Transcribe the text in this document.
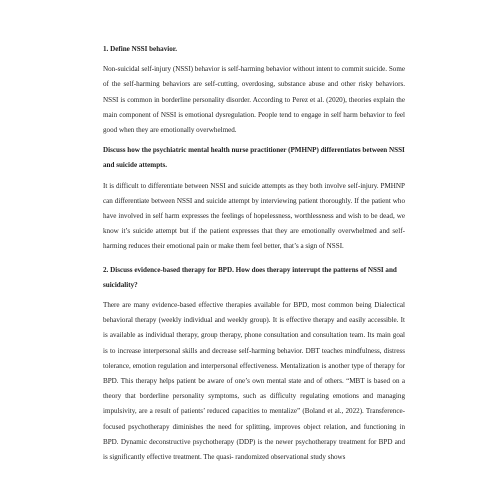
1. Define NSSI behavior.

Non-suicidal self-injury (NSSI) behavior is self-harming behavior without intent to commit suicide. Some of the self-harming behaviors are self-cutting, overdosing, substance abuse and other risky behaviors. NSSI is common in borderline personality disorder. According to Perez et al. (2020), theories explain the main component of NSSI is emotional dysregulation. People tend to engage in self harm behavior to feel good when they are emotionally overwhelmed.

Discuss how the psychiatric mental health nurse practitioner (PMHNP) differentiates between NSSI and suicide attempts.

It is difficult to differentiate between NSSI and suicide attempts as they both involve self-injury. PMHNP can differentiate between NSSI and suicide attempt by interviewing patient thoroughly. If the patient who have involved in self harm expresses the feelings of hopelessness, worthlessness and wish to be dead, we know it’s suicide attempt but if the patient expresses that they are emotionally overwhelmed and self-harming reduces their emotional pain or make them feel better, that’s a sign of NSSI.

2. Discuss evidence-based therapy for BPD. How does therapy interrupt the patterns of NSSI and suicidality?

There are many evidence-based effective therapies available for BPD, most common being Dialectical behavioral therapy (weekly individual and weekly group). It is effective therapy and easily accessible. It is available as individual therapy, group therapy, phone consultation and consultation team. Its main goal is to increase interpersonal skills and decrease self-harming behavior. DBT teaches mindfulness, distress tolerance, emotion regulation and interpersonal effectiveness. Mentalization is another type of therapy for BPD. This therapy helps patient be aware of one’s own mental state and of others. “MBT is based on a theory that borderline personality symptoms, such as difficulty regulating emotions and managing impulsivity, are a result of patients’ reduced capacities to mentalize” (Boland et al., 2022). Transference-focused psychotherapy diminishes the need for splitting, improves object relation, and functioning in BPD. Dynamic deconstructive psychotherapy (DDP) is the newer psychotherapy treatment for BPD and is significantly effective treatment. The quasi- randomized observational study shows
